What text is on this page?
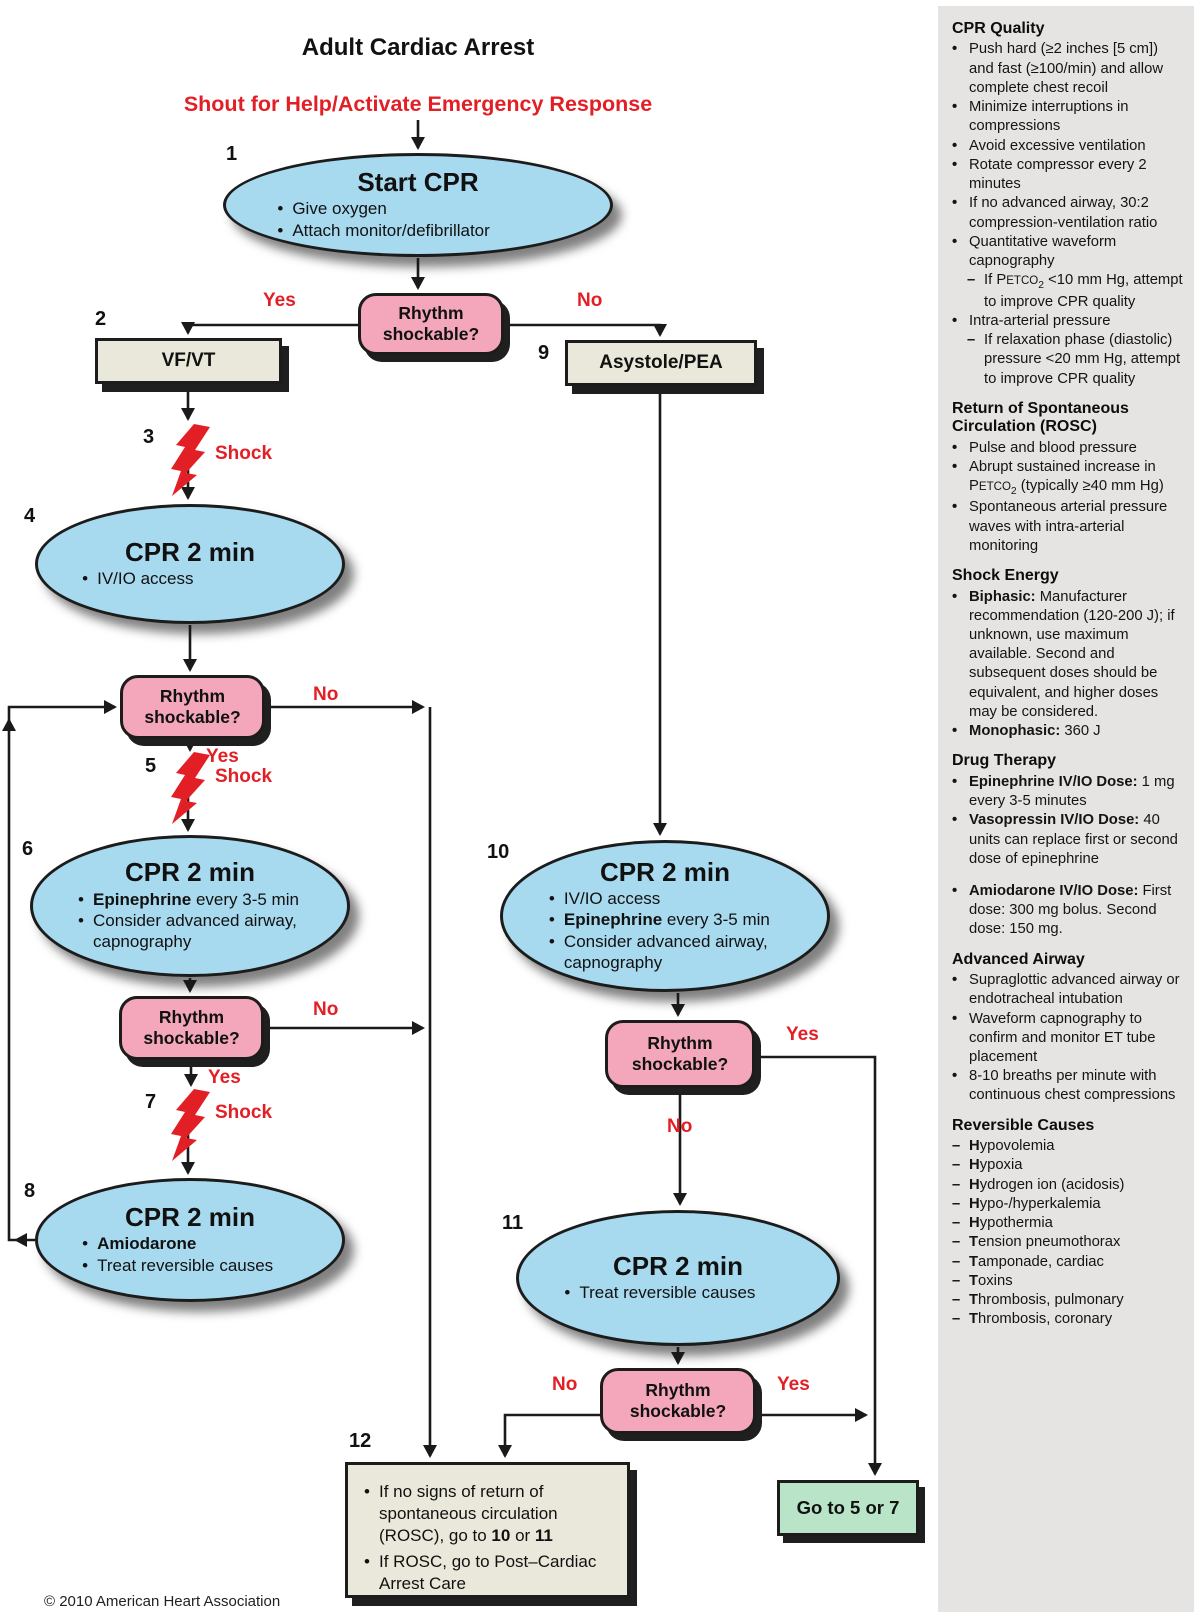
Adult Cardiac Arrest
Shout for Help/Activate Emergency Response
1
Start CPR
• Give oxygen
• Attach monitor/defibrillator
Yes	No
Rhythm shockable?
2
VF/VT	9	Asystole/PEA
3
Shock
4
CPR 2 min
• IV/IO access
No
Rhythm shockable?
Yes
5	Shock
6
CPR 2 min
• Epinephrine every 3-5 min
• Consider advanced airway, capnography
No
Rhythm shockable?
Yes
7	Shock
8
CPR 2 min
• Amiodarone
• Treat reversible causes
10
CPR 2 min
• IV/IO access
• Epinephrine every 3-5 min
• Consider advanced airway, capnography
Yes
Rhythm shockable?
No
11
CPR 2 min
• Treat reversible causes
No	Rhythm shockable?
Yes
12
• If no signs of return of spontaneous circulation (ROSC), go to 10 or 11
• If ROSC, go to Post–Cardiac Arrest Care
Go to 5 or 7
© 2010 American Heart Association
CPR Quality
• Push hard (≥2 inches [5 cm]) and fast (≥100/min) and allow complete chest recoil
• Minimize interruptions in compressions
• Avoid excessive ventilation
• Rotate compressor every 2 minutes
• If no advanced airway, 30:2 compression-ventilation ratio
• Quantitative waveform capnography
– If $PETCO_2 <10$ mm Hg, attempt to improve CPR quality
• Intra-arterial pressure
– If relaxation phase (diastolic) pressure <20 mm Hg, attempt to improve CPR quality
Return of Spontaneous Circulation (ROSC)
• Pulse and blood pressure
• Abrupt sustained increase in $PETCO_2$ (typically ≥40 mm Hg)
• Spontaneous arterial pressure waves with intra-arterial monitoring
Shock Energy
• Biphasic: Manufacturer recommendation (120-200 J); if unknown, use maximum available. Second and subsequent doses should be equivalent, and higher doses may be considered.
• Monophasic: 360 J
Drug Therapy
• Epinephrine IV/IO Dose: 1 mg every 3-5 minutes
• Vasopressin IV/IO Dose: 40 units can replace first or second dose of epinephrine
• Amiodarone IV/IO Dose: First dose: 300 mg bolus. Second dose: 150 mg.
Advanced Airway
• Supraglottic advanced airway or endotracheal intubation
• Waveform capnography to confirm and monitor ET tube placement
• 8-10 breaths per minute with continuous chest compressions
Reversible Causes
– Hypovolemia
– Hypoxia
– Hydrogen ion (acidosis)
– Hypo-/hyperkalemia
– Hypothermia
– Tension pneumothorax
– Tamponade, cardiac
– Toxins
– Thrombosis, pulmonary
– Thrombosis, coronary
